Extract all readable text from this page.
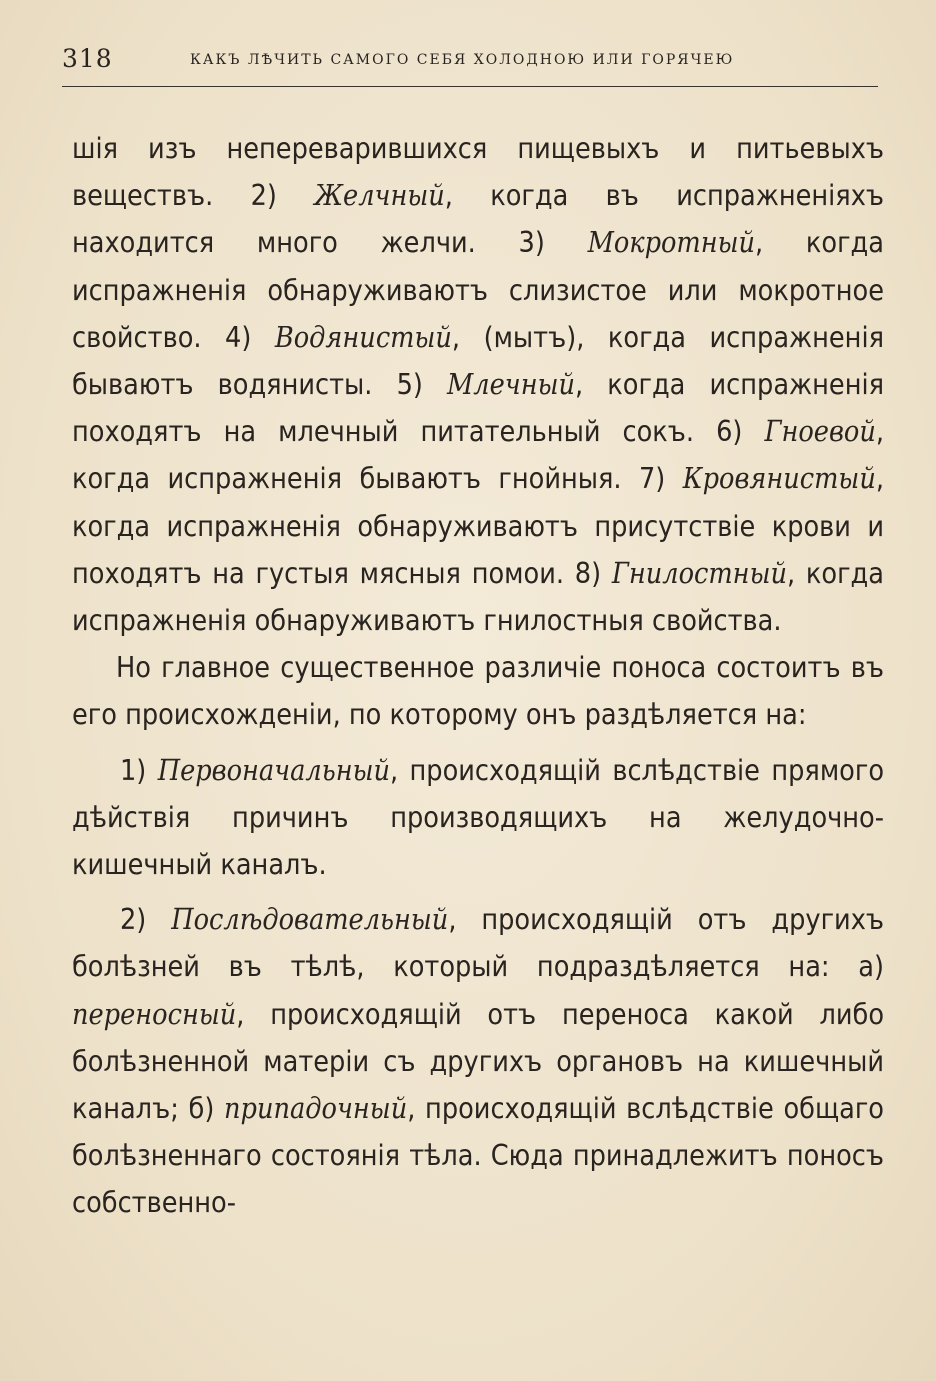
318	КАКЪ ЛѢЧИТЬ САМОГО СЕБЯ ХОЛОДНОЮ ИЛИ ГОРЯЧЕЮ

шія изъ непереварившихся пищевыхъ и питьевыхъ веществъ. 2) Желчный, когда въ испражненіяхъ находится много желчи. 3) Мокротный, когда испражненія обнаруживаютъ слизистое или мокротное свойство. 4) Водянистый, (мытъ), когда испражненія бываютъ водянисты. 5) Млечный, когда испражненія походятъ на млечный питательный сокъ. 6) Гноевой, когда испражненія бываютъ гнойныя. 7) Кровянистый, когда испражненія обнаруживаютъ присутствіе крови и походятъ на густыя мясныя помои. 8) Гнилостный, когда испражненія обнаруживаютъ гнилостныя свойства.

Но главное существенное различіе поноса состоитъ въ его происхожденіи, по которому онъ раздѣляется на:

1) Первоначальный, происходящій вслѣдствіе прямого дѣйствія причинъ производящихъ на желудочно-кишечный каналъ.

2) Послѣдовательный, происходящій отъ другихъ болѣзней въ тѣлѣ, который подраздѣляется на: а) переносный, происходящій отъ переноса какой либо болѣзненной матеріи съ другихъ органовъ на кишечный каналъ; б) припадочный, происходящій вслѣдствіе общаго болѣзненнаго состоянія тѣла. Сюда принадлежитъ поносъ собственно-
